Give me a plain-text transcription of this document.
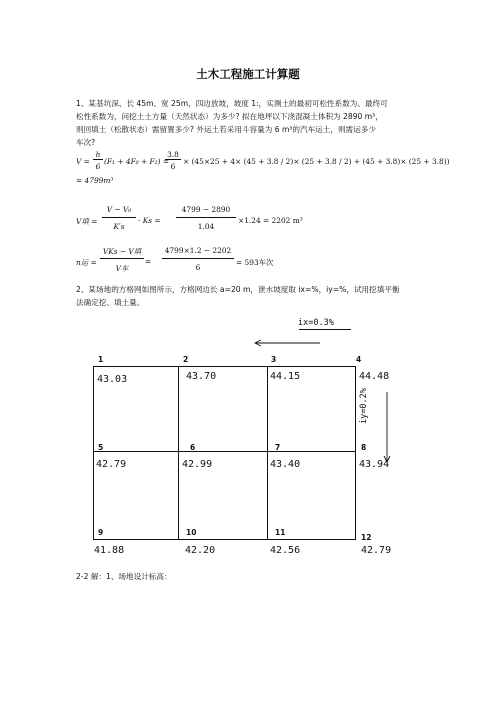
土木工程施工计算题
1、某基坑深、长 45m、宽 25m，四边放坡，坡度 1:，实测土的最初可松性系数为、最终可
松性系数为，问挖土土方量（天然状态）为多少? 拟在地坪以下浇混凝土体积为 2890 m³，
则回填土（松散状态）需留置多少? 外运土若采用斗容量为 6 m³的汽车运土，则需运多少
车次?
V =
h
6
(F₁ + 4F₀ + F₂) =
3.8
6
× (45×25 + 4× (45 + 3.8 / 2)× (25 + 3.8 / 2) + (45 + 3.8)× (25 + 3.8))
= 4799m³
V填 =
V − V₀
K′s
· Ks =
4799 − 2890
1.04
×1.24 = 2202 m³
n运 =
VKs − V填
V车
=
4799×1.2 − 2202
6
= 593车次
2、某场地的方格网如图所示，方格网边长 a=20 m，泄水坡度取 ix=%，iy=%，试用挖填平衡
法确定挖、填土量。
ix=0.3%
iy=0.2%
1	2	3	4
43.03	43.70	44.15	44.48
5	6	7	8
42.79	42.99	43.40	43.94
9	10	11
12
41.88	42.20	42.56	42.79
2-2 解：1、场地设计标高：
